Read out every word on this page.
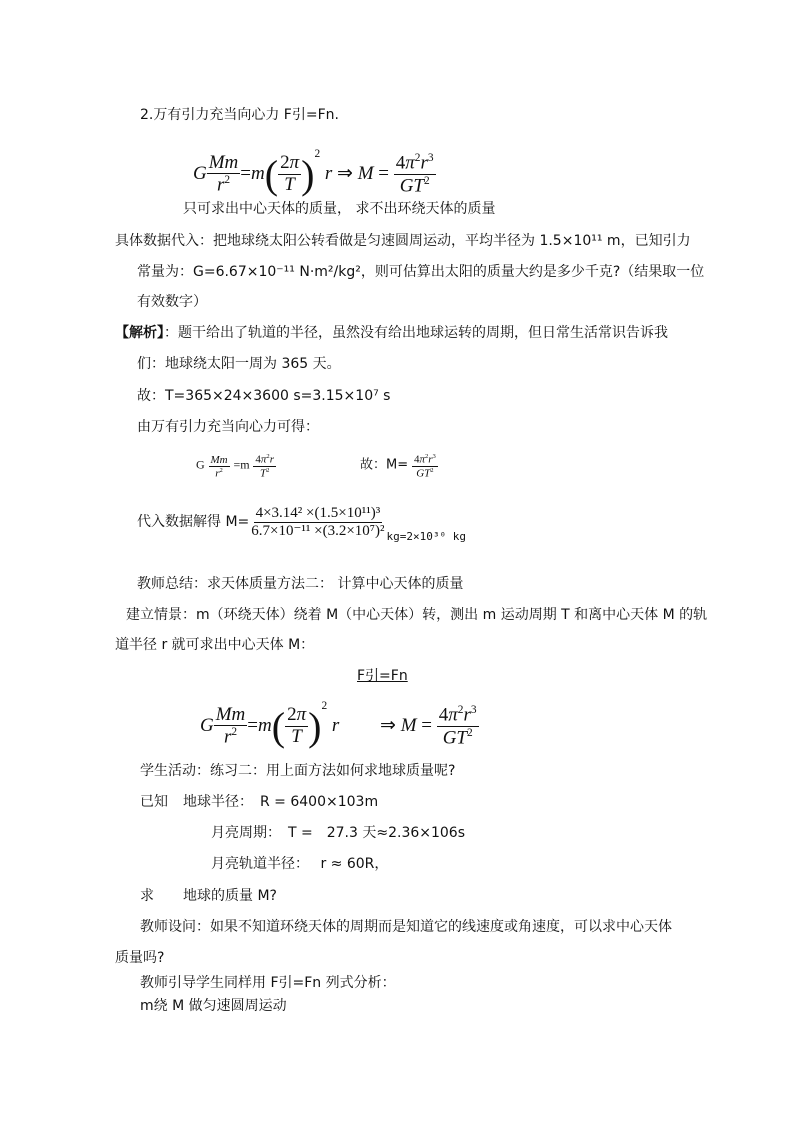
2.万有引力充当向心力 F引=Fn.
G $\frac{Mm}{r^2} =m( \frac{2\pi}{T} )^2$ r ⇒ $M = \frac{4\pi^2r^3}{GT^2}$
只可求出中心天体的质量， 求不出环绕天体的质量
具体数据代入：把地球绕太阳公转看做是匀速圆周运动，平均半径为 1.5×10¹¹ m，已知引力
常量为：G=6.67×10⁻¹¹ N·m²/kg²，则可估算出太阳的质量大约是多少千克?（结果取一位
有效数字）
【解析】：题干给出了轨道的半径，虽然没有给出地球运转的周期，但日常生活常识告诉我
们：地球绕太阳一周为 365 天。
故：T=365×24×3600 s=3.15×10⁷ s
由万有引力充当向心力可得：
G $\frac{Mm}{r^2} =m \frac{4\pi^2r}{T^2}$	故：$M= \frac{4\pi^2r^3}{GT^2}$
代入数据解得 $M= \frac{\text{4×3.14² ×(1.5×10¹¹)³}}{\text{6.7×10⁻¹¹ ×(3.2×10⁷)²}} _{kg=2\times 10^{30} kg}$
教师总结：求天体质量方法二： 计算中心天体的质量
建立情景：m（环绕天体）绕着 M（中心天体）转，测出 m 运动周期 T 和离中心天体 M 的轨
道半径 r 就可求出中心天体 M：
F引=Fn
G $\frac{Mm}{r^2} =m( \frac{2\pi}{T} )^2$ r ⇒ $M = \frac{4\pi^2r^3}{GT^2}$
学生活动：练习二：用上面方法如何求地球质量呢?
已知 地球半径：　R = 6400×103m
月亮周期：　T =　27.3 天≈2.36×106s
月亮轨道半径：　 r ≈ 60R，
求 地球的质量 M?
教师设问：如果不知道环绕天体的周期而是知道它的线速度或角速度，可以求中心天体
质量吗?
教师引导学生同样用 F引=Fn 列式分析：
m绕 M 做匀速圆周运动
